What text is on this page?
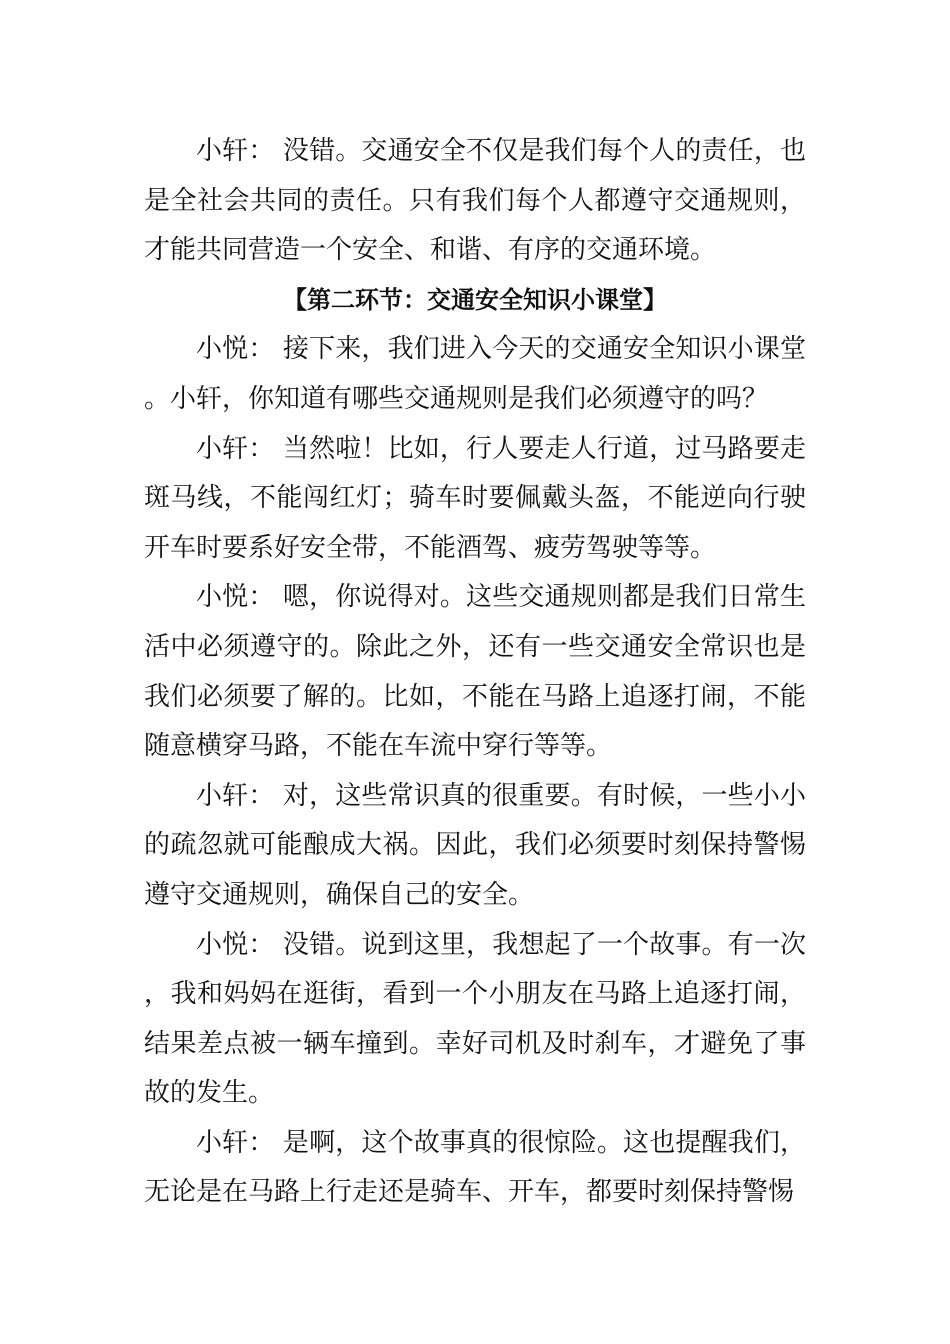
小轩： 没错。交通安全不仅是我们每个人的责任，也是全社会共同的责任。只有我们每个人都遵守交通规则，才能共同营造一个安全、和谐、有序的交通环境。

【第二环节：交通安全知识小课堂】

小悦： 接下来，我们进入今天的交通安全知识小课堂。小轩，你知道有哪些交通规则是我们必须遵守的吗？

小轩： 当然啦！比如，行人要走人行道，过马路要走斑马线，不能闯红灯；骑车时要佩戴头盔，不能逆向行驶开车时要系好安全带，不能酒驾、疲劳驾驶等等。

小悦： 嗯，你说得对。这些交通规则都是我们日常生活中必须遵守的。除此之外，还有一些交通安全常识也是我们必须要了解的。比如，不能在马路上追逐打闹，不能随意横穿马路，不能在车流中穿行等等。

小轩： 对，这些常识真的很重要。有时候，一些小小的疏忽就可能酿成大祸。因此，我们必须要时刻保持警惕遵守交通规则，确保自己的安全。

小悦： 没错。说到这里，我想起了一个故事。有一次，我和妈妈在逛街，看到一个小朋友在马路上追逐打闹，结果差点被一辆车撞到。幸好司机及时刹车，才避免了事故的发生。

小轩： 是啊，这个故事真的很惊险。这也提醒我们，无论是在马路上行走还是骑车、开车，都要时刻保持警惕
